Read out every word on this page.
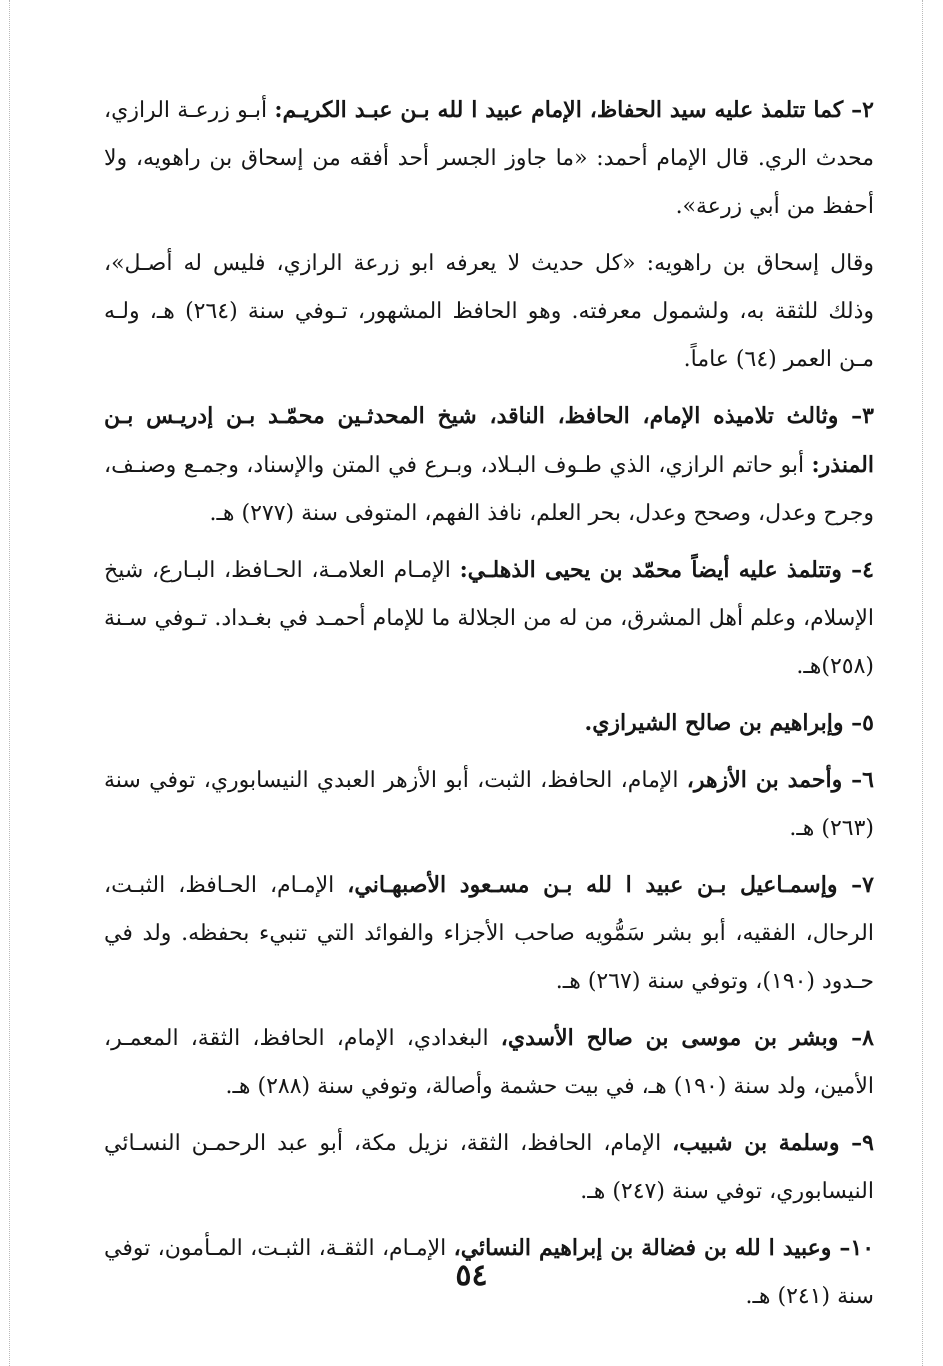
٢– كما تتلمذ عليه سيد الحفاظ، الإمام عبيد ا لله بـن عبـد الكريـم: أبـو زرعـة الرازي، محدث الري. قال الإمام أحمد: «ما جاوز الجسر أحد أفقه من إسحاق بن راهويه، ولا أحفظ من أبي زرعة».

وقال إسحاق بن راهويه: «كل حديث لا يعرفه ابو زرعة الرازي، فليس له أصـل»، وذلك للثقة به، ولشمول معرفته. وهو الحافظ المشهور، تـوفي سنة (٢٦٤) هـ، ولـه مـن العمر (٦٤) عاماً.

٣– وثالث تلاميذه الإمام، الحافظ، الناقد، شيخ المحدثـين محمّـد بـن إدريـس بـن المنذر: أبو حاتم الرازي، الذي طـوف البـلاد، وبـرع في المتن والإسناد، وجمـع وصنـف، وجرح وعدل، وصحح وعدل، بحر العلم، نافذ الفهم، المتوفى سنة (٢٧٧) هـ.

٤– وتتلمذ عليه أيضاً محمّد بن يحيى الذهلـي: الإمـام العلامـة، الحـافظ، البـارع، شيخ الإسلام، وعلم أهل المشرق، من له من الجلالة ما للإمام أحمـد في بغـداد. تـوفي سـنة (٢٥٨)هـ.

٥– وإبراهيم بن صالح الشيرازي.

٦– وأحمد بن الأزهر، الإمام، الحافظ، الثبت، أبو الأزهر العبدي النيسابوري، توفي سنة (٢٦٣) هـ.

٧– وإسمـاعيل بـن عبيد ا لله بـن مسـعود الأصبهـاني، الإمـام، الحـافظ، الثبـت، الرحال، الفقيه، أبو بشر سَمُّويه صاحب الأجزاء والفوائد التي تنبيء بحفظه. ولد في حـدود (١٩٠)، وتوفي سنة (٢٦٧) هـ.

٨– وبشر بن موسى بن صالح الأسدي، البغدادي، الإمام، الحافظ، الثقة، المعمـر، الأمين، ولد سنة (١٩٠) هـ، في بيت حشمة وأصالة، وتوفي سنة (٢٨٨) هـ.

٩– وسلمة بن شبيب، الإمام، الحافظ، الثقة، نزيل مكة، أبو عبد الرحمـن النسـائي النيسابوري، توفي سنة (٢٤٧) هـ.

١٠– وعبيد ا لله بن فضالة بن إبراهيم النسائي، الإمـام، الثقـة، الثبـت، المـأمون، توفي سنة (٢٤١) هـ.

٥٤
